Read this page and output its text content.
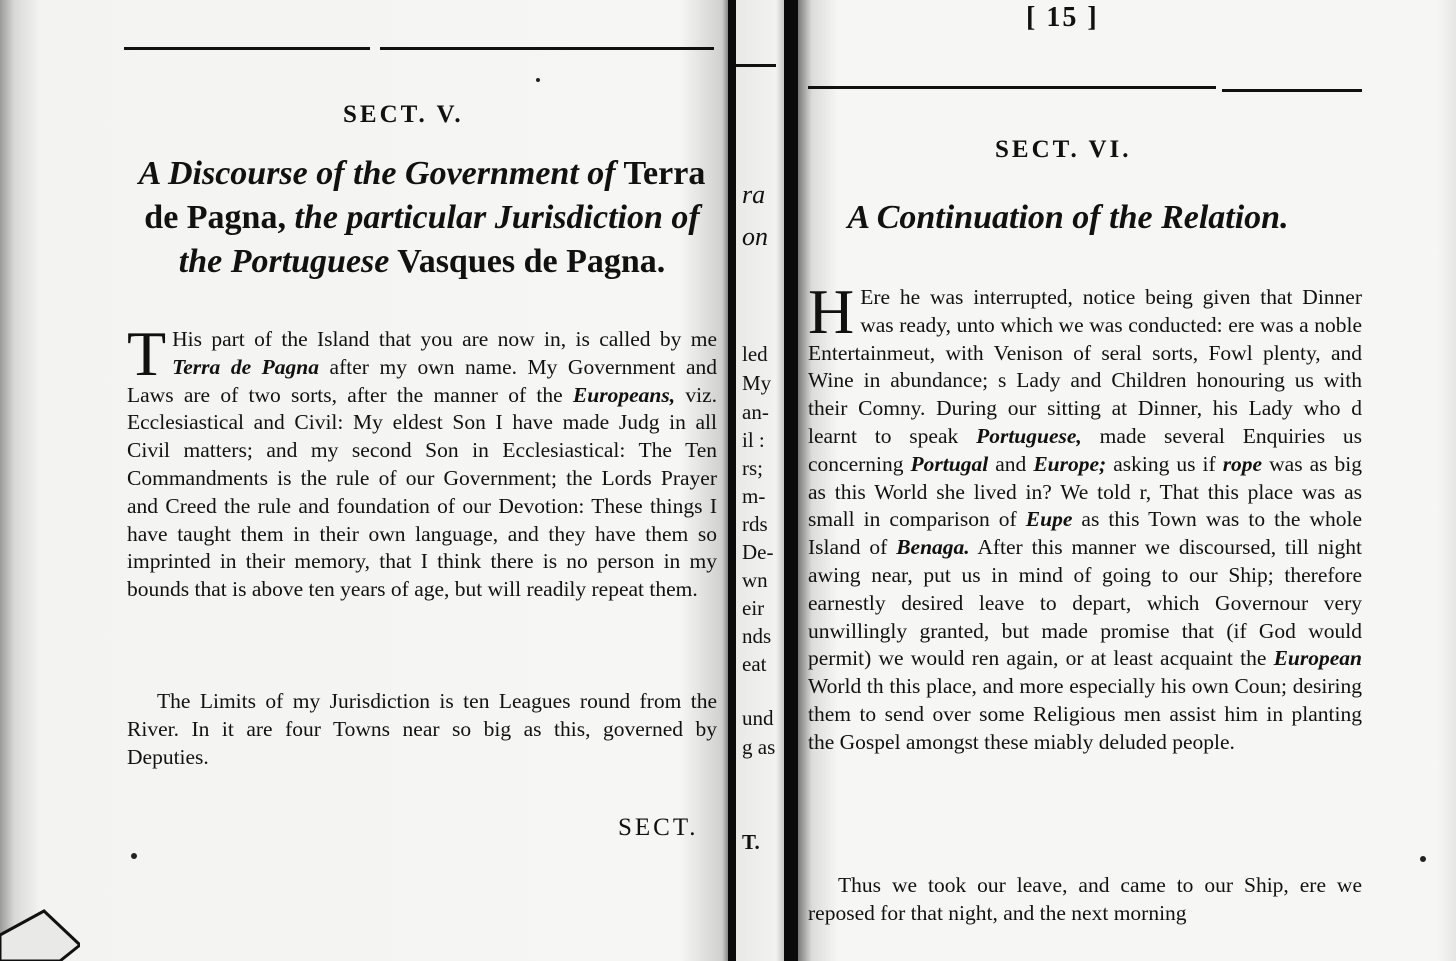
SECT. V.
A Discourse of the Government of Terra de Pagna, the particular Jurisdiction of the Portuguese Vasques de Pagna.

T His part of the Island that you are now in, is called by me Terra de Pagna after my own name. My Government and Laws are of two sorts, after the manner of the Europeans, viz. Ecclesiastical and Civil: My eldest Son I have made Judg in all Civil matters; and my second Son in Ecclesiastical: The Ten Commandments is the rule of our Government; the Lords Prayer and Creed the rule and foundation of our Devotion: These things I have taught them in their own language, and they have them so imprinted in their memory, that I think there is no person in my bounds that is above ten years of age, but will readily repeat them.

The Limits of my Jurisdiction is ten Leagues round from the River. In it are four Towns near so big as this, governed by Deputies.

SECT.

ra

on

led

My

an-

il :

rs;

m-

rds

De-

wn

eir

nds

eat

und

g as

T.

[ 15 ]

SECT. VI.
A Continuation of the Relation.

H Ere he was interrupted, notice being given that Dinner was ready, unto which we was conducted: ere was a noble Entertainmeut, with Venison of seral sorts, Fowl plenty, and Wine in abundance; s Lady and Children honouring us with their Comny. During our sitting at Dinner, his Lady who d learnt to speak Portuguese, made several Enquiries us concerning Portugal and Europe; asking us if rope was as big as this World she lived in? We told r, That this place was as small in comparison of Eupe as this Town was to the whole Island of Benaga. After this manner we discoursed, till night awing near, put us in mind of going to our Ship; therefore earnestly desired leave to depart, which Governour very unwillingly granted, but made promise that (if God would permit) we would ren again, or at least acquaint the European World th this place, and more especially his own Coun; desiring them to send over some Religious men assist him in planting the Gospel amongst these miably deluded people.

Thus we took our leave, and came to our Ship, ere we reposed for that night, and the next morning
